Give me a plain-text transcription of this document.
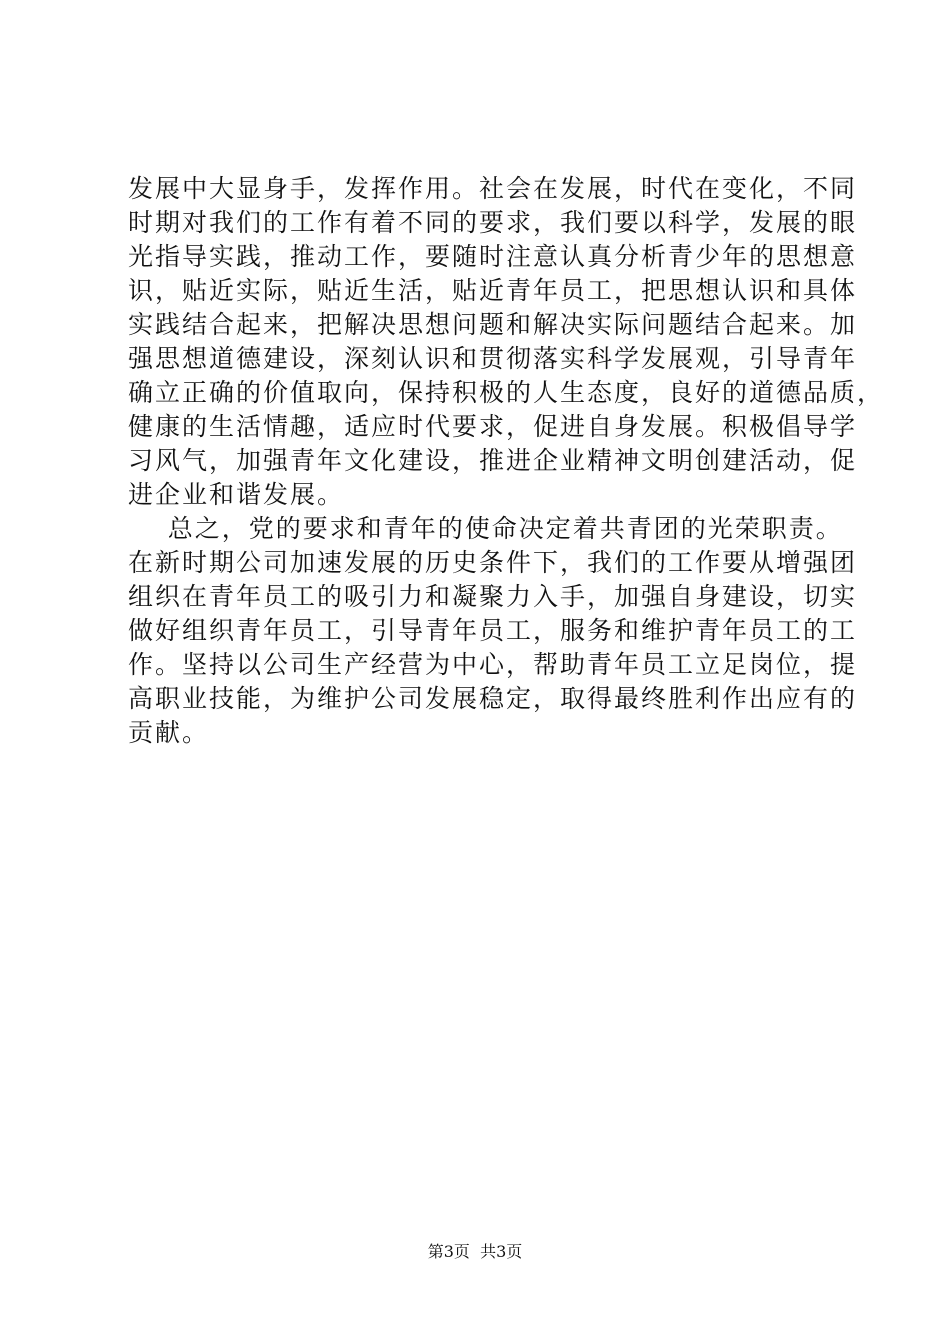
发展中大显身手，发挥作用。社会在发展，时代在变化，不同
时期对我们的工作有着不同的要求，我们要以科学，发展的眼
光指导实践，推动工作，要随时注意认真分析青少年的思想意
识，贴近实际，贴近生活，贴近青年员工，把思想认识和具体
实践结合起来，把解决思想问题和解决实际问题结合起来。加
强思想道德建设，深刻认识和贯彻落实科学发展观，引导青年
确立正确的价值取向，保持积极的人生态度，良好的道德品质，
健康的生活情趣，适应时代要求，促进自身发展。积极倡导学
习风气，加强青年文化建设，推进企业精神文明创建活动，促
进企业和谐发展。
总之，党的要求和青年的使命决定着共青团的光荣职责。
在新时期公司加速发展的历史条件下，我们的工作要从增强团
组织在青年员工的吸引力和凝聚力入手，加强自身建设，切实
做好组织青年员工，引导青年员工，服务和维护青年员工的工
作。坚持以公司生产经营为中心，帮助青年员工立足岗位，提
高职业技能，为维护公司发展稳定，取得最终胜利作出应有的
贡献。
第3页  共3页
